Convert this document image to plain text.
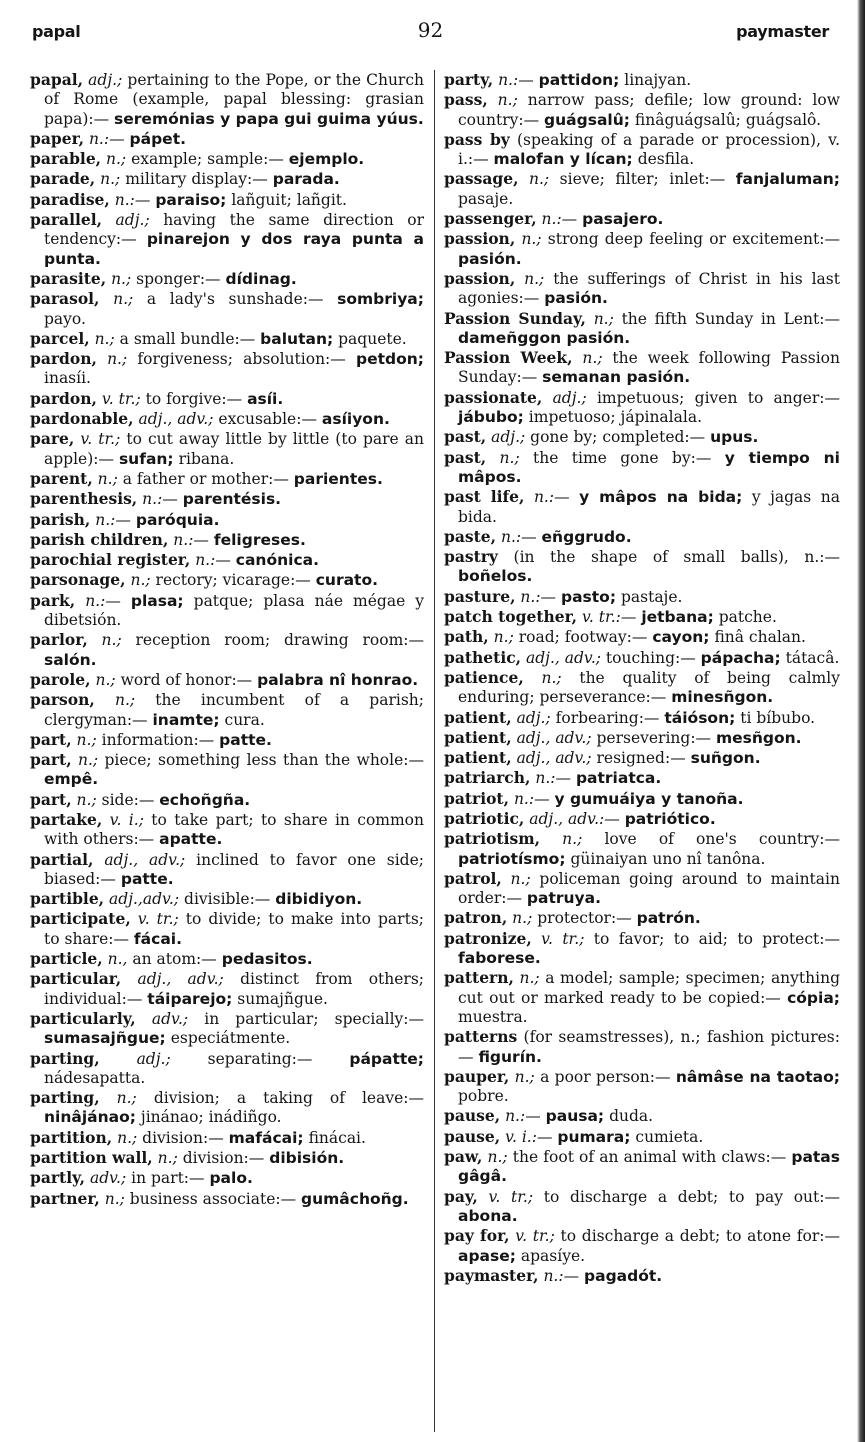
papal	92	paymaster

papal, adj.; pertaining to the Pope, or the Church of Rome (example, papal blessing: grasian papa):— seremónias y papa gui guima yúus.

paper, n.:— pápet.

parable, n.; example; sample:— ejemplo.

parade, n.; military display:— parada.

paradise, n.:— paraiso; lañguit; lañgit.

parallel, adj.; having the same direction or tendency:— pinarejon y dos raya punta a punta.

parasite, n.; sponger:— dídinag.

parasol, n.; a lady's sunshade:— sombriya; payo.

parcel, n.; a small bundle:— balutan; paquete.

pardon, n.; forgiveness; absolution:— petdon; inasíi.

pardon, v. tr.; to forgive:— asíi.

pardonable, adj., adv.; excusable:— asíiyon.

pare, v. tr.; to cut away little by little (to pare an apple):— sufan; ribana.

parent, n.; a father or mother:— parientes.

parenthesis, n.:— parentésis.

parish, n.:— paróquia.

parish children, n.:— feligreses.

parochial register, n.:— canónica.

parsonage, n.; rectory; vicarage:— curato.

park, n.:— plasa; patque; plasa náe mégae y dibetsión.

parlor, n.; reception room; drawing room:— salón.

parole, n.; word of honor:— palabra nî honrao.

parson, n.; the incumbent of a parish; clergyman:— inamte; cura.

part, n.; information:— patte.

part, n.; piece; something less than the whole:— empê.

part, n.; side:— echoñgña.

partake, v. i.; to take part; to share in common with others:— apatte.

partial, adj., adv.; inclined to favor one side; biased:— patte.

partible, adj.,adv.; divisible:— dibidiyon.

participate, v. tr.; to divide; to make into parts; to share:— fácai.

particle, n., an atom:— pedasitos.

particular, adj., adv.; distinct from others; individual:— táiparejo; sumajñgue.

particularly, adv.; in particular; specially:— sumasajñgue; especiátmente.

parting, adj.; separating:— pápatte; nádesapatta.

parting, n.; division; a taking of leave:— ninâjánao; jinánao; inádiñgo.

partition, n.; division:— mafácai; finácai.

partition wall, n.; division:— dibisión.

partly, adv.; in part:— palo.

partner, n.; business associate:— gumâchoñg.

party, n.:— pattidon; linajyan.

pass, n.; narrow pass; defile; low ground: low country:— guágsalû; finâguágsalû; guágsalô.

pass by (speaking of a parade or procession), v. i.:— malofan y lícan; desfila.

passage, n.; sieve; filter; inlet:— fanjaluman; pasaje.

passenger, n.:— pasajero.

passion, n.; strong deep feeling or excitement:— pasión.

passion, n.; the sufferings of Christ in his last agonies:— pasión.

Passion Sunday, n.; the fifth Sunday in Lent:— dameñggon pasión.

Passion Week, n.; the week following Passion Sunday:— semanan pasión.

passionate, adj.; impetuous; given to anger:— jábubo; impetuoso; jápinalala.

past, adj.; gone by; completed:— upus.

past, n.; the time gone by:— y tiempo ni mâpos.

past life, n.:— y mâpos na bida; y jagas na bida.

paste, n.:— eñggrudo.

pastry (in the shape of small balls), n.:— boñelos.

pasture, n.:— pasto; pastaje.

patch together, v. tr.:— jetbana; patche.

path, n.; road; footway:— cayon; finâ chalan.

pathetic, adj., adv.; touching:— pápacha; tátacâ.

patience, n.; the quality of being calmly enduring; perseverance:— minesñgon.

patient, adj.; forbearing:— táióson; ti bíbubo.

patient, adj., adv.; persevering:— mesñgon.

patient, adj., adv.; resigned:— suñgon.

patriarch, n.:— patriatca.

patriot, n.:— y gumuáiya y tanoña.

patriotic, adj., adv.:— patriótico.

patriotism, n.; love of one's country:— patriotísmo; güinaiyan uno nî tanôna.

patrol, n.; policeman going around to maintain order:— patruya.

patron, n.; protector:— patrón.

patronize, v. tr.; to favor; to aid; to protect:— faborese.

pattern, n.; a model; sample; specimen; anything cut out or marked ready to be copied:— cópia; muestra.

patterns (for seamstresses), n.; fashion pictures:— figurín.

pauper, n.; a poor person:— nâmâse na taotao; pobre.

pause, n.:— pausa; duda.

pause, v. i.:— pumara; cumieta.

paw, n.; the foot of an animal with claws:— patas gâgâ.

pay, v. tr.; to discharge a debt; to pay out:— abona.

pay for, v. tr.; to discharge a debt; to atone for:— apase; apasíye.

paymaster, n.:— pagadót.
